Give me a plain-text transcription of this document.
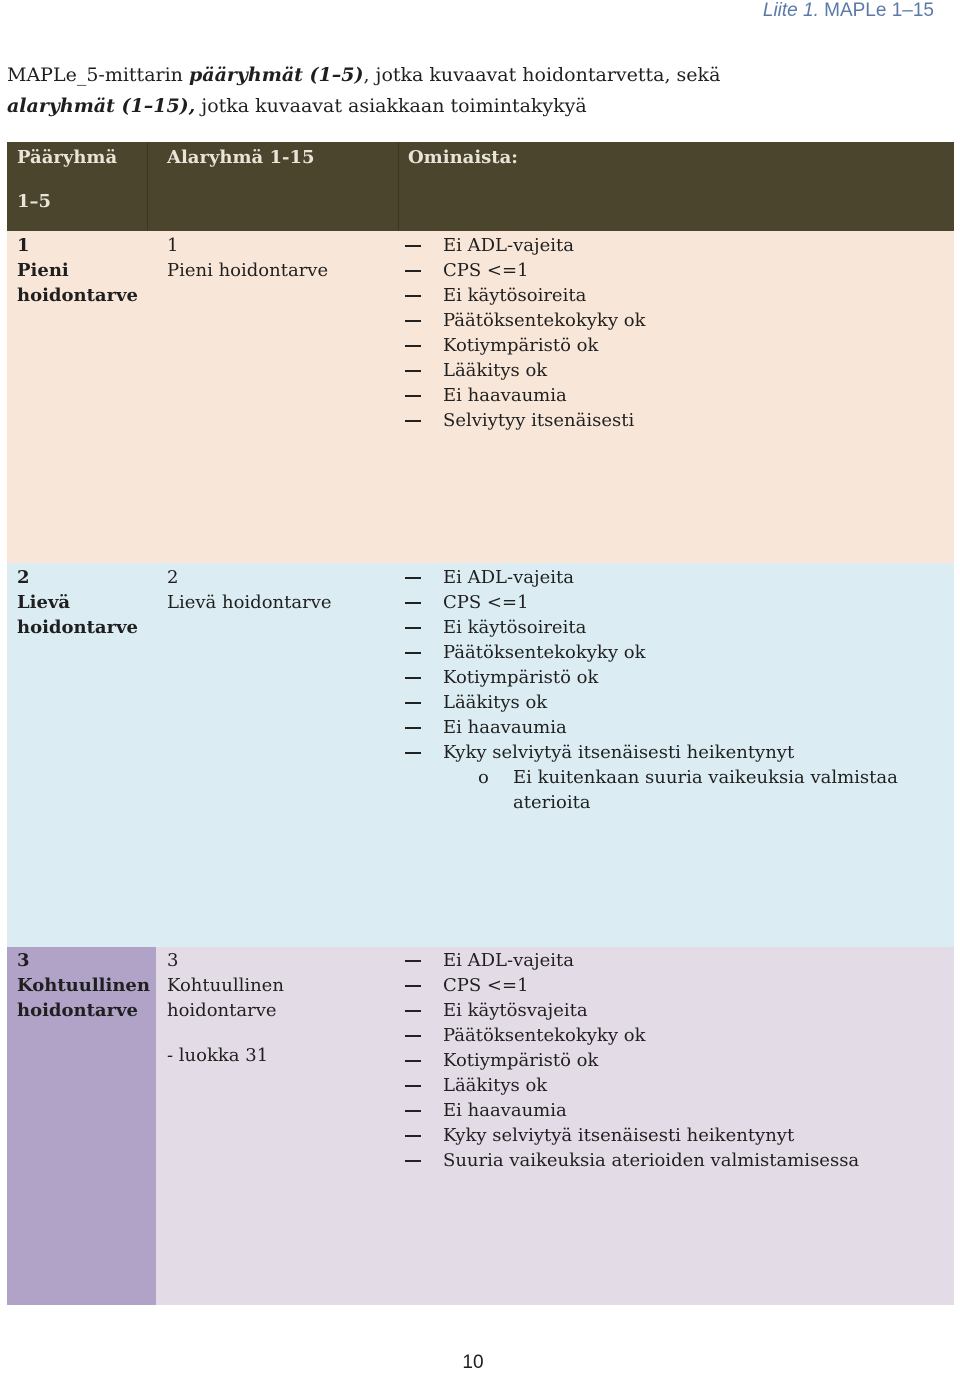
Liite 1. MAPLe 1–15
MAPLe_5-mittarin pääryhmät (1–5), jotka kuvaavat hoidontarvetta, sekä
alaryhmät (1–15), jotka kuvaavat asiakkaan toimintakykyä
Pääryhmä
1–5
Alaryhmä 1-15	Ominaista:
1
Pieni
hoidontarve
1
Pieni hoidontarve
Ei ADL-vajeita
CPS <=1
Ei käytösoireita
Päätöksentekokyky ok
Kotiympäristö ok
Lääkitys ok
Ei haavaumia
Selviytyy itsenäisesti
2
Lievä
hoidontarve
2
Lievä hoidontarve
Ei ADL-vajeita
CPS <=1
Ei käytösoireita
Päätöksentekokyky ok
Kotiympäristö ok
Lääkitys ok
Ei haavaumia
Kyky selviytyä itsenäisesti heikentynyt
o Ei kuitenkaan suuria vaikeuksia valmistaa
aterioita
3
Kohtuullinen
hoidontarve
3
Kohtuullinen
hoidontarve
- luokka 31
Ei ADL-vajeita
CPS <=1
Ei käytösvajeita
Päätöksentekokyky ok
Kotiympäristö ok
Lääkitys ok
Ei haavaumia
Kyky selviytyä itsenäisesti heikentynyt
Suuria vaikeuksia aterioiden valmistamisessa
10
